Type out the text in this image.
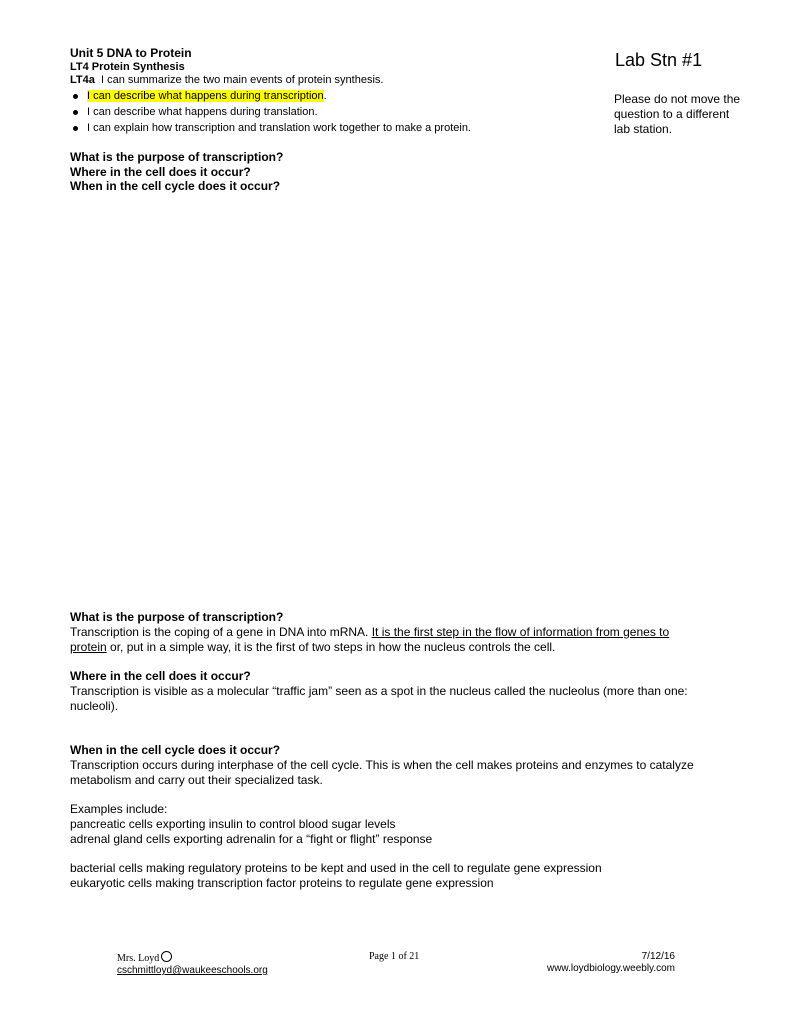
Unit 5 DNA to Protein
LT4 Protein Synthesis
LT4a I can summarize the two main events of protein synthesis.
I can describe what happens during transcription.
I can describe what happens during translation.
I can explain how transcription and translation work together to make a protein.
Lab Stn #1
Please do not move the question to a different lab station.
What is the purpose of transcription?
Where in the cell does it occur?
When in the cell cycle does it occur?

What is the purpose of transcription?

Transcription is the coping of a gene in DNA into mRNA. It is the first step in the flow of information from genes to
protein or, put in a simple way, it is the first of two steps in how the nucleus controls the cell.

Where in the cell does it occur?

Transcription is visible as a molecular “traffic jam” seen as a spot in the nucleus called the nucleolus (more than one: nucleoli).

When in the cell cycle does it occur?

Transcription occurs during interphase of the cell cycle. This is when the cell makes proteins and enzymes to catalyze metabolism and carry out their specialized task.

Examples include:

pancreatic cells exporting insulin to control blood sugar levels

adrenal gland cells exporting adrenalin for a “fight or flight” response

bacterial cells making regulatory proteins to be kept and used in the cell to regulate gene expression

eukaryotic cells making transcription factor proteins to regulate gene expression

Mrs. Loyd
cschmittloyd@waukeeschools.org
Page 1 of 21	7/12/16
www.loydbiology.weebly.com
